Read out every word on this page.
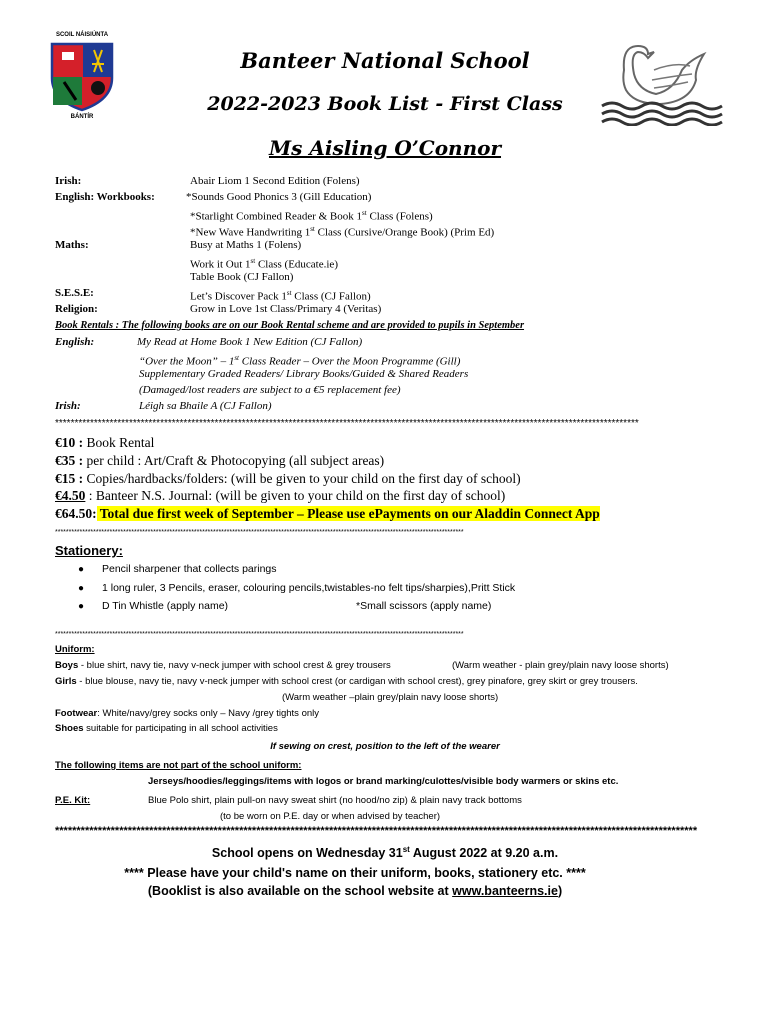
SCOIL NÁISIÚNTA
BÁNTÍR
Banteer National School
2022-2023 Book List - First Class
Ms Aisling O’Connor
Irish:	Abair Liom 1 Second Edition (Folens)
English: Workbooks:	*Sounds Good Phonics 3 (Gill Education)
*Starlight Combined Reader & Book 1st Class (Folens)
*New Wave Handwriting 1st Class (Cursive/Orange Book) (Prim Ed)
Maths:	Busy at Maths 1 (Folens)
Work it Out 1st Class (Educate.ie)
Table Book (CJ Fallon)
S.E.S.E:	Let’s Discover Pack 1st Class (CJ Fallon)
Religion:	Grow in Love 1st Class/Primary 4 (Veritas)
Book Rentals : The following books are on our Book Rental scheme and are provided to pupils in September
English:	My Read at Home Book 1 New Edition (CJ Fallon)
“Over the Moon” – 1st Class Reader – Over the Moon Programme (Gill)
Supplementary Graded Readers/ Library Books/Guided & Shared Readers
(Damaged/lost readers are subject to a €5 replacement fee)
Irish:	Léigh sa Bhaile A (CJ Fallon)
******************************************************************************************************************************************************
€10 : Book Rental
€35 : per child : Art/Craft & Photocopying (all subject areas)
€15 : Copies/hardbacks/folders: (will be given to your child on the first day of school)
€4.50 : Banteer N.S. Journal: (will be given to your child on the first day of school)
€64.50: Total due first week of September – Please use ePayments on our Aladdin Connect App
******************************************************************************************************************************************************
Stationery:
● Pencil sharpener that collects parings
● 1 long ruler, 3 Pencils, eraser, colouring pencils,twistables-no felt tips/sharpies),Pritt Stick
● D Tin Whistle (apply name)	*Small scissors (apply name)
******************************************************************************************************************************************************
Uniform:
Boys - blue shirt, navy tie, navy v-neck jumper with school crest & grey trousers	(Warm weather - plain grey/plain navy loose shorts)
Girls - blue blouse, navy tie, navy v-neck jumper with school crest (or cardigan with school crest), grey pinafore, grey skirt or grey trousers.
(Warm weather –plain grey/plain navy loose shorts)
Footwear: White/navy/grey socks only – Navy /grey tights only
Shoes suitable for participating in all school activities
If sewing on crest, position to the left of the wearer
The following items are not part of the school uniform:
Jerseys/hoodies/leggings/items with logos or brand marking/culottes/visible body warmers or skins etc.
P.E. Kit:	Blue Polo shirt, plain pull-on navy sweat shirt (no hood/no zip) & plain navy track bottoms
(to be worn on P.E. day or when advised by teacher)
******************************************************************************************************************************************************
School opens on Wednesday 31st August 2022 at 9.20 a.m.
**** Please have your child's name on their uniform, books, stationery etc. ****
(Booklist is also available on the school website at www.banteerns.ie)
